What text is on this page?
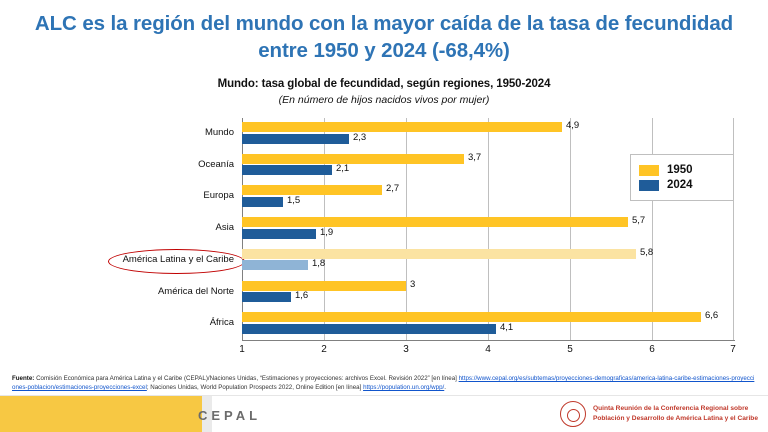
ALC es la región del mundo con la mayor caída de la tasa de fecundidad entre 1950 y 2024 (-68,4%)
Mundo: tasa global de fecundidad, según regiones, 1950-2024
(En número de hijos nacidos vivos por mujer)
Mundo
4,9
2,3
Oceanía
3,7
2,1
Europa
2,7
1,5
Asia
5,7
1,9
América Latina y el Caribe
5,8
1,8
América del Norte
3
1,6
África
6,6
4,1
1	2	3	4	5	6	7
1950
2024
Fuente: Comisión Económica para América Latina y el Caribe (CEPAL)/Naciones Unidas, “Estimaciones y proyecciones: archivos Excel. Revisión 2022” [en línea] https://www.cepal.org/es/subtemas/proyecciones-demograficas/america-latina-caribe-estimaciones-proyecciones-poblacion/estimaciones-proyecciones-excel; Naciones Unidas, World Population Prospects 2022, Online Edition [en línea] https://population.un.org/wpp/.
CEPAL	Quinta Reunión de la Conferencia Regional sobre
Población y Desarrollo de América Latina y el Caribe
